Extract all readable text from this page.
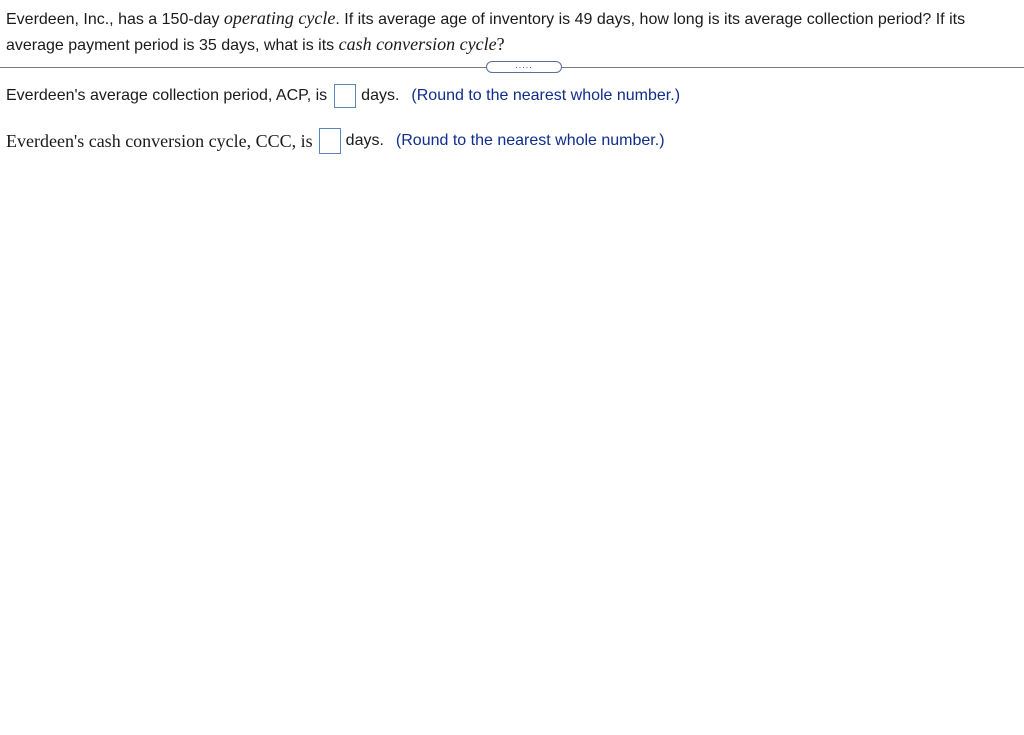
Everdeen, Inc., has a 150-day operating cycle. If its average age of inventory is 49 days, how long is its average collection period? If its average payment period is 35 days, what is its cash conversion cycle?
.....
Everdeen's average collection period, ACP, is days. (Round to the nearest whole number.)
Everdeen's cash conversion cycle, CCC, is days. (Round to the nearest whole number.)
